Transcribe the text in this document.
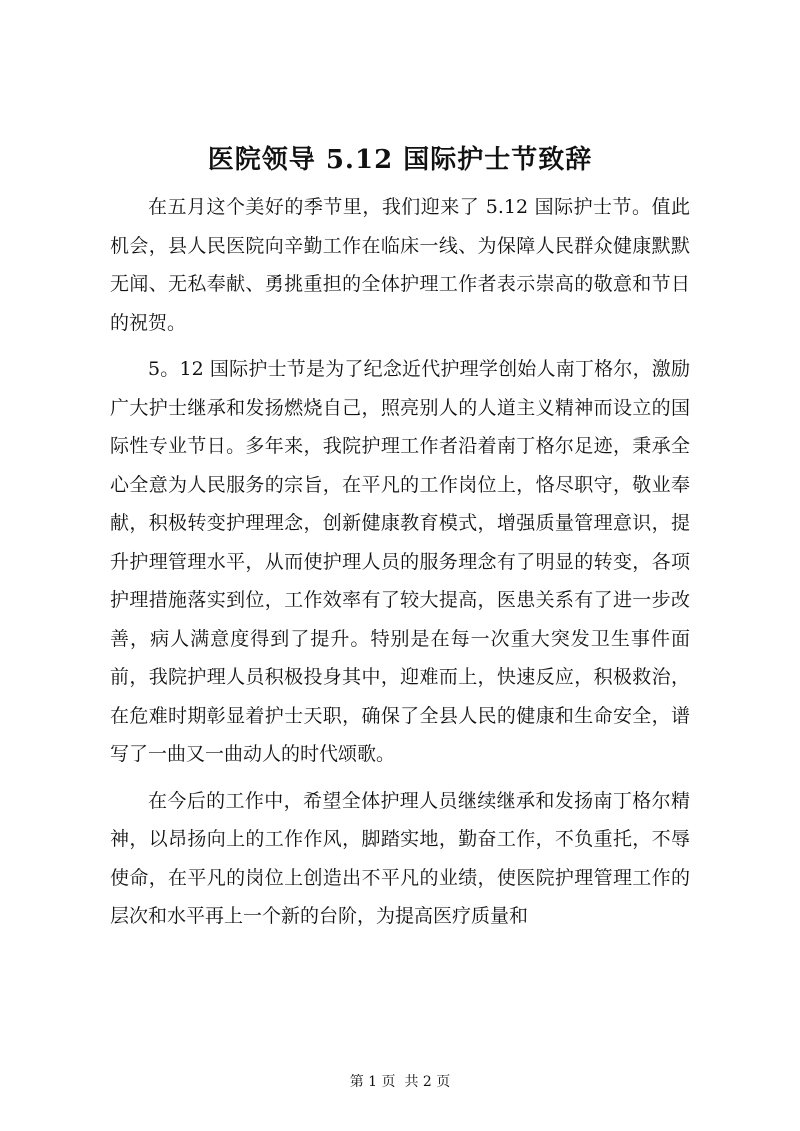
医院领导 5.12 国际护士节致辞

在五月这个美好的季节里，我们迎来了 5.12 国际护士节。值此机会，县人民医院向辛勤工作在临床一线、为保障人民群众健康默默无闻、无私奉献、勇挑重担的全体护理工作者表示崇高的敬意和节日的祝贺。

5。12 国际护士节是为了纪念近代护理学创始人南丁格尔，激励广大护士继承和发扬燃烧自己，照亮别人的人道主义精神而设立的国际性专业节日。多年来，我院护理工作者沿着南丁格尔足迹，秉承全心全意为人民服务的宗旨，在平凡的工作岗位上，恪尽职守，敬业奉献，积极转变护理理念，创新健康教育模式，增强质量管理意识，提升护理管理水平，从而使护理人员的服务理念有了明显的转变，各项护理措施落实到位，工作效率有了较大提高，医患关系有了进一步改善，病人满意度得到了提升。特别是在每一次重大突发卫生事件面前，我院护理人员积极投身其中，迎难而上，快速反应，积极救治，在危难时期彰显着护士天职，确保了全县人民的健康和生命安全，谱写了一曲又一曲动人的时代颂歌。

在今后的工作中，希望全体护理人员继续继承和发扬南丁格尔精神，以昂扬向上的工作作风，脚踏实地，勤奋工作，不负重托，不辱使命，在平凡的岗位上创造出不平凡的业绩，使医院护理管理工作的层次和水平再上一个新的台阶，为提高医疗质量和

第 1 页  共 2 页
